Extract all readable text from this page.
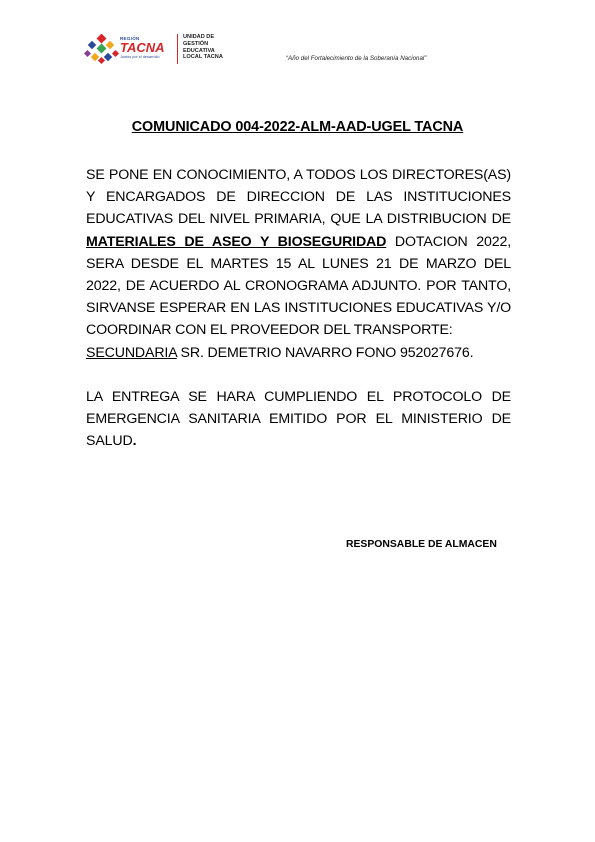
REGIÓN
TACNA
Juntos por el desarrollo
UNIDAD DE
GESTIÓN
EDUCATIVA
LOCAL TACNA	“Año del Fortalecimiento de la Soberanía Nacional”
COMUNICADO 004-2022-ALM-AAD-UGEL TACNA

SE PONE EN CONOCIMIENTO, A TODOS LOS DIRECTORES(AS) Y ENCARGADOS DE DIRECCION DE LAS INSTITUCIONES EDUCATIVAS DEL NIVEL PRIMARIA, QUE LA DISTRIBUCION DE MATERIALES DE ASEO Y BIOSEGURIDAD DOTACION 2022, SERA DESDE EL MARTES 15 AL LUNES 21 DE MARZO DEL 2022, DE ACUERDO AL CRONOGRAMA ADJUNTO. POR TANTO, SIRVANSE ESPERAR EN LAS INSTITUCIONES EDUCATIVAS Y/O COORDINAR CON EL PROVEEDOR DEL TRANSPORTE:

SECUNDARIA SR. DEMETRIO NAVARRO FONO 952027676.

LA ENTREGA SE HARA CUMPLIENDO EL PROTOCOLO DE EMERGENCIA SANITARIA EMITIDO POR EL MINISTERIO DE SALUD.

RESPONSABLE DE ALMACEN
